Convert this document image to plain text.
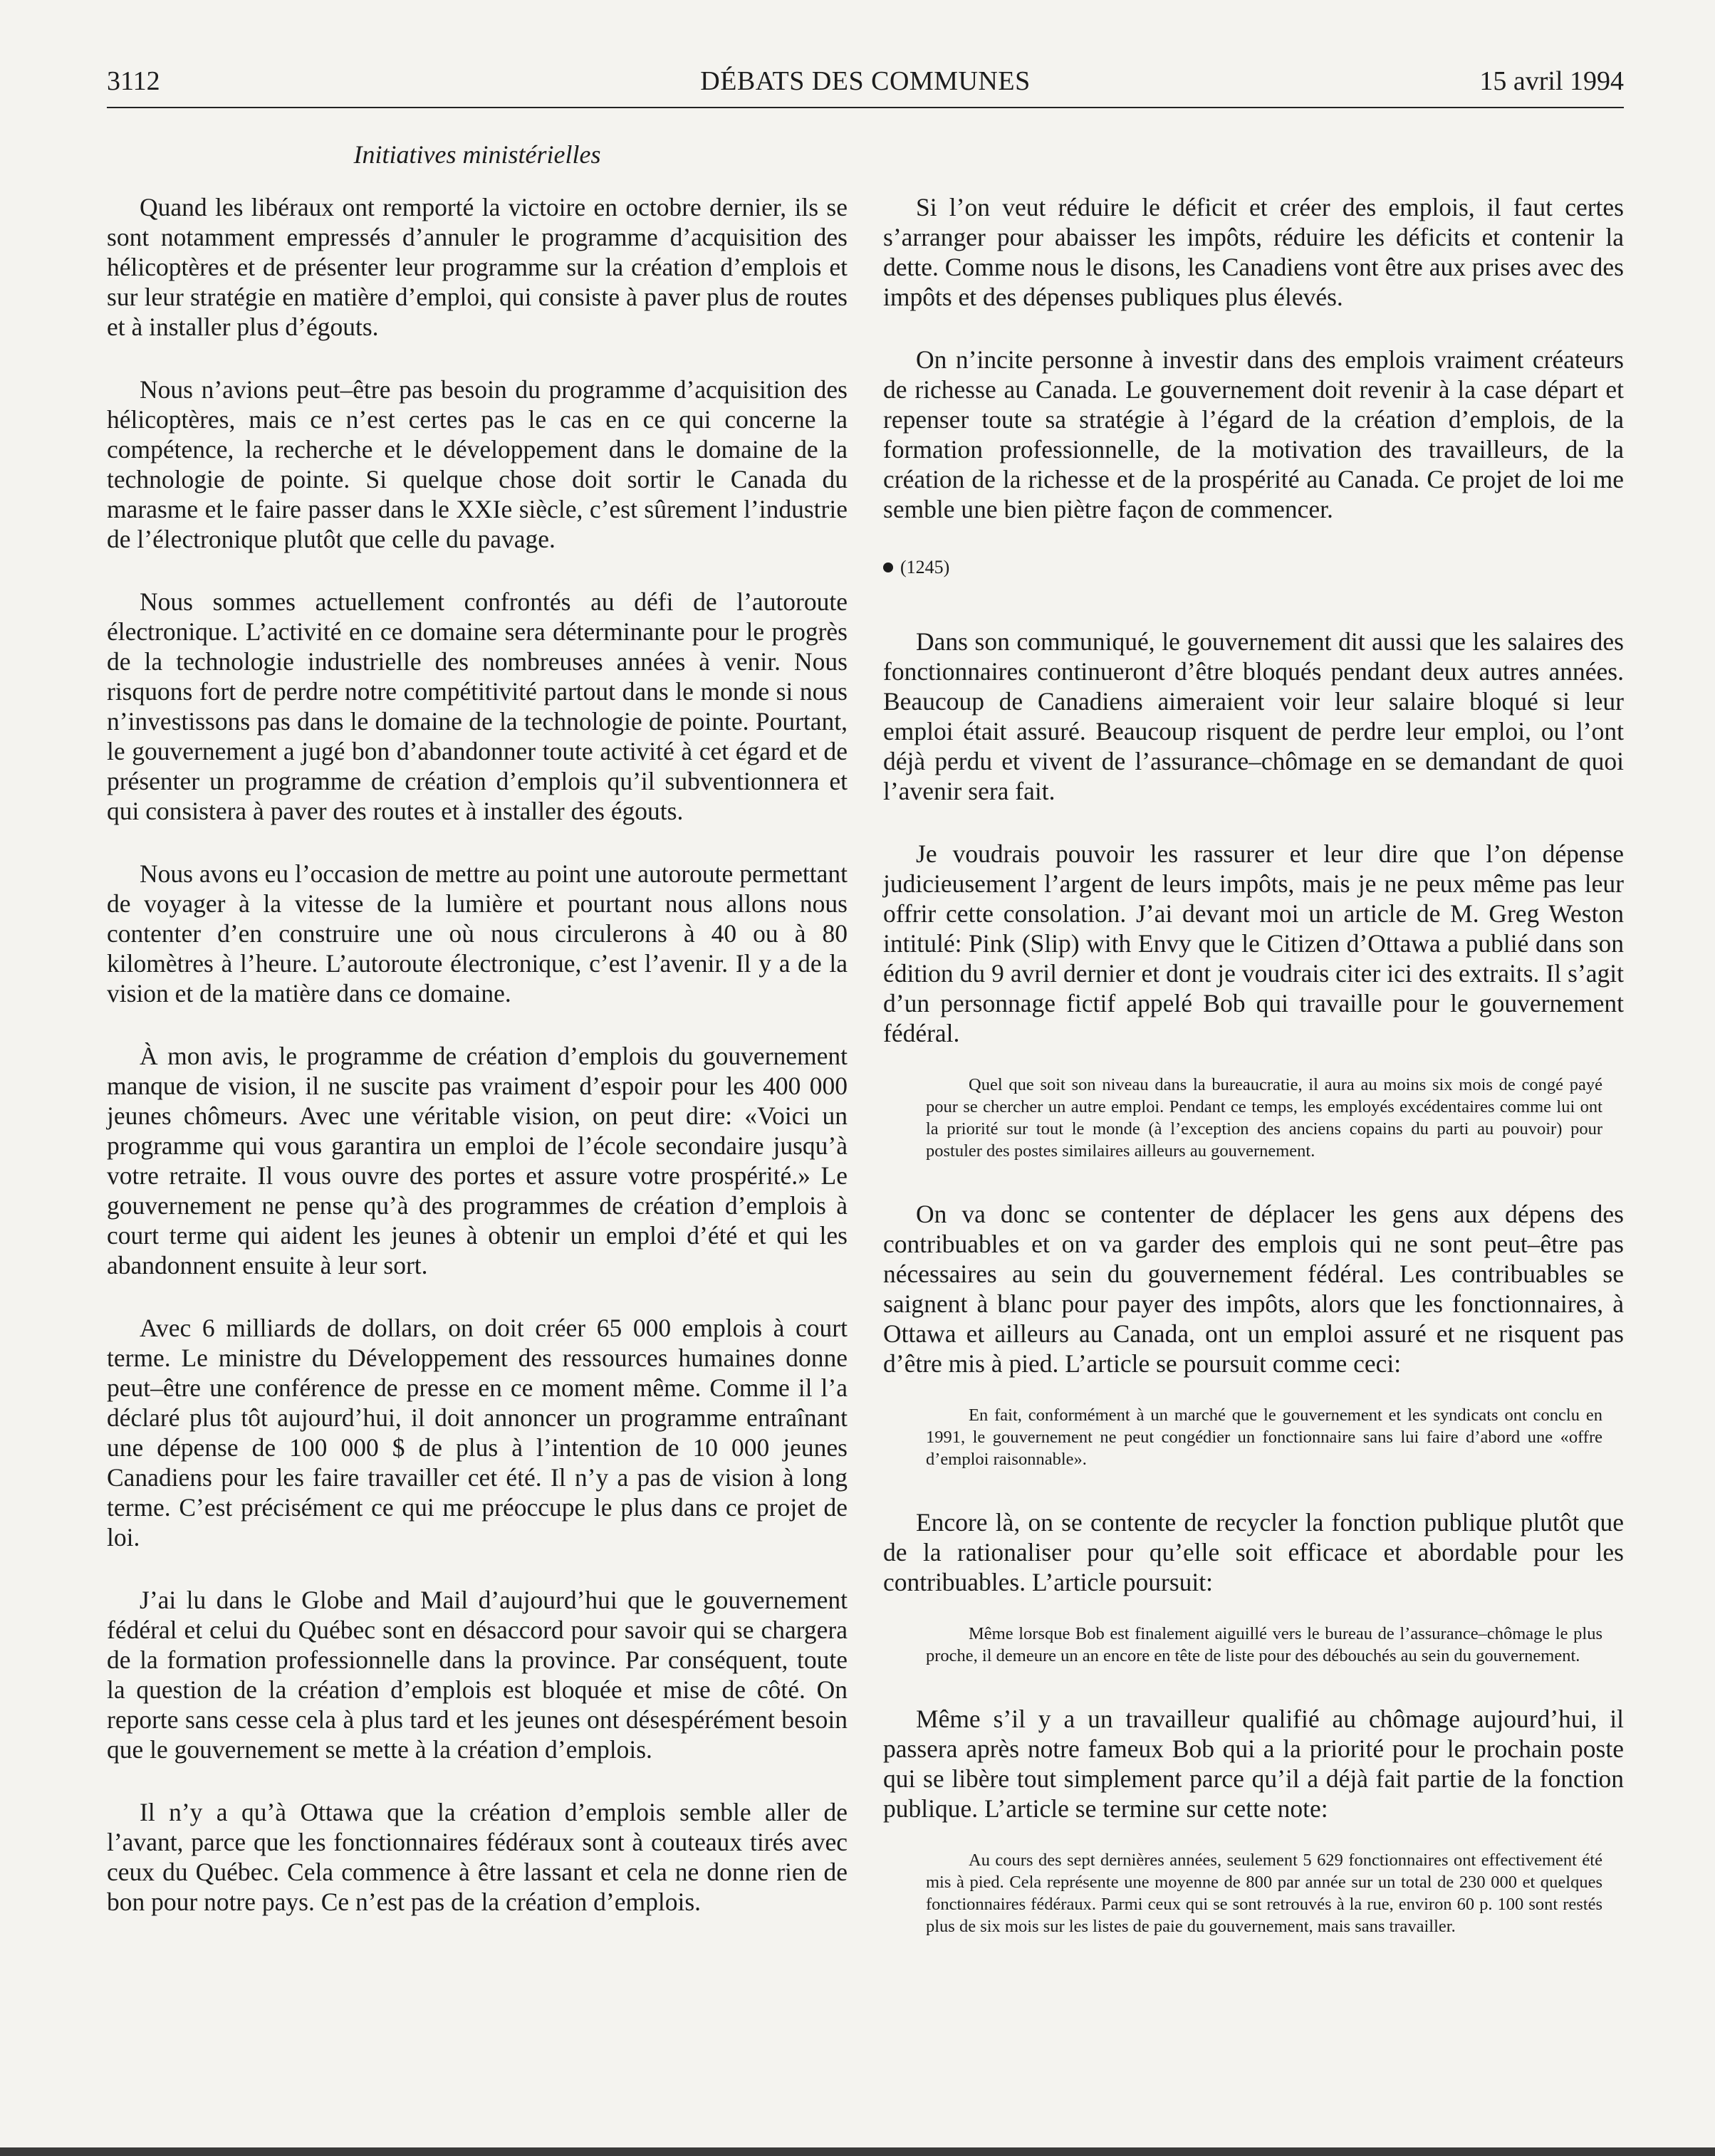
3112	DÉBATS DES COMMUNES	15 avril 1994
Initiatives ministérielles

Quand les libéraux ont remporté la victoire en octobre dernier, ils se sont notamment empressés d’annuler le programme d’acquisition des hélicoptères et de présenter leur programme sur la création d’emplois et sur leur stratégie en matière d’emploi, qui consiste à paver plus de routes et à installer plus d’égouts.

Nous n’avions peut–être pas besoin du programme d’acquisition des hélicoptères, mais ce n’est certes pas le cas en ce qui concerne la compétence, la recherche et le développement dans le domaine de la technologie de pointe. Si quelque chose doit sortir le Canada du marasme et le faire passer dans le XXIe siècle, c’est sûrement l’industrie de l’électronique plutôt que celle du pavage.

Nous sommes actuellement confrontés au défi de l’autoroute électronique. L’activité en ce domaine sera déterminante pour le progrès de la technologie industrielle des nombreuses années à venir. Nous risquons fort de perdre notre compétitivité partout dans le monde si nous n’investissons pas dans le domaine de la technologie de pointe. Pourtant, le gouvernement a jugé bon d’abandonner toute activité à cet égard et de présenter un programme de création d’emplois qu’il subventionnera et qui consistera à paver des routes et à installer des égouts.

Nous avons eu l’occasion de mettre au point une autoroute permettant de voyager à la vitesse de la lumière et pourtant nous allons nous contenter d’en construire une où nous circulerons à 40 ou à 80 kilomètres à l’heure. L’autoroute électronique, c’est l’avenir. Il y a de la vision et de la matière dans ce domaine.

À mon avis, le programme de création d’emplois du gouvernement manque de vision, il ne suscite pas vraiment d’espoir pour les 400 000 jeunes chômeurs. Avec une véritable vision, on peut dire: «Voici un programme qui vous garantira un emploi de l’école secondaire jusqu’à votre retraite. Il vous ouvre des portes et assure votre prospérité.» Le gouvernement ne pense qu’à des programmes de création d’emplois à court terme qui aident les jeunes à obtenir un emploi d’été et qui les abandonnent ensuite à leur sort.

Avec 6 milliards de dollars, on doit créer 65 000 emplois à court terme. Le ministre du Développement des ressources humaines donne peut–être une conférence de presse en ce moment même. Comme il l’a déclaré plus tôt aujourd’hui, il doit annoncer un programme entraînant une dépense de 100 000 $ de plus à l’intention de 10 000 jeunes Canadiens pour les faire travailler cet été. Il n’y a pas de vision à long terme. C’est précisément ce qui me préoccupe le plus dans ce projet de loi.

J’ai lu dans le Globe and Mail d’aujourd’hui que le gouvernement fédéral et celui du Québec sont en désaccord pour savoir qui se chargera de la formation professionnelle dans la province. Par conséquent, toute la question de la création d’emplois est bloquée et mise de côté. On reporte sans cesse cela à plus tard et les jeunes ont désespérément besoin que le gouvernement se mette à la création d’emplois.

Il n’y a qu’à Ottawa que la création d’emplois semble aller de l’avant, parce que les fonctionnaires fédéraux sont à couteaux tirés avec ceux du Québec. Cela commence à être lassant et cela ne donne rien de bon pour notre pays. Ce n’est pas de la création d’emplois.

Si l’on veut réduire le déficit et créer des emplois, il faut certes s’arranger pour abaisser les impôts, réduire les déficits et contenir la dette. Comme nous le disons, les Canadiens vont être aux prises avec des impôts et des dépenses publiques plus élevés.

On n’incite personne à investir dans des emplois vraiment créateurs de richesse au Canada. Le gouvernement doit revenir à la case départ et repenser toute sa stratégie à l’égard de la création d’emplois, de la formation professionnelle, de la motivation des travailleurs, de la création de la richesse et de la prospérité au Canada. Ce projet de loi me semble une bien piètre façon de commencer.

(1245)

Dans son communiqué, le gouvernement dit aussi que les salaires des fonctionnaires continueront d’être bloqués pendant deux autres années. Beaucoup de Canadiens aimeraient voir leur salaire bloqué si leur emploi était assuré. Beaucoup risquent de perdre leur emploi, ou l’ont déjà perdu et vivent de l’assurance–chômage en se demandant de quoi l’avenir sera fait.

Je voudrais pouvoir les rassurer et leur dire que l’on dépense judicieusement l’argent de leurs impôts, mais je ne peux même pas leur offrir cette consolation. J’ai devant moi un article de M. Greg Weston intitulé: Pink (Slip) with Envy que le Citizen d’Ottawa a publié dans son édition du 9 avril dernier et dont je voudrais citer ici des extraits. Il s’agit d’un personnage fictif appelé Bob qui travaille pour le gouvernement fédéral.

Quel que soit son niveau dans la bureaucratie, il aura au moins six mois de congé payé pour se chercher un autre emploi. Pendant ce temps, les employés excédentaires comme lui ont la priorité sur tout le monde (à l’exception des anciens copains du parti au pouvoir) pour postuler des postes similaires ailleurs au gouvernement.

On va donc se contenter de déplacer les gens aux dépens des contribuables et on va garder des emplois qui ne sont peut–être pas nécessaires au sein du gouvernement fédéral. Les contribuables se saignent à blanc pour payer des impôts, alors que les fonctionnaires, à Ottawa et ailleurs au Canada, ont un emploi assuré et ne risquent pas d’être mis à pied. L’article se poursuit comme ceci:

En fait, conformément à un marché que le gouvernement et les syndicats ont conclu en 1991, le gouvernement ne peut congédier un fonctionnaire sans lui faire d’abord une «offre d’emploi raisonnable».

Encore là, on se contente de recycler la fonction publique plutôt que de la rationaliser pour qu’elle soit efficace et abordable pour les contribuables. L’article poursuit:

Même lorsque Bob est finalement aiguillé vers le bureau de l’assurance–chômage le plus proche, il demeure un an encore en tête de liste pour des débouchés au sein du gouvernement.

Même s’il y a un travailleur qualifié au chômage aujourd’hui, il passera après notre fameux Bob qui a la priorité pour le prochain poste qui se libère tout simplement parce qu’il a déjà fait partie de la fonction publique. L’article se termine sur cette note:

Au cours des sept dernières années, seulement 5 629 fonctionnaires ont effectivement été mis à pied. Cela représente une moyenne de 800 par année sur un total de 230 000 et quelques fonctionnaires fédéraux. Parmi ceux qui se sont retrouvés à la rue, environ 60 p. 100 sont restés plus de six mois sur les listes de paie du gouvernement, mais sans travailler.
